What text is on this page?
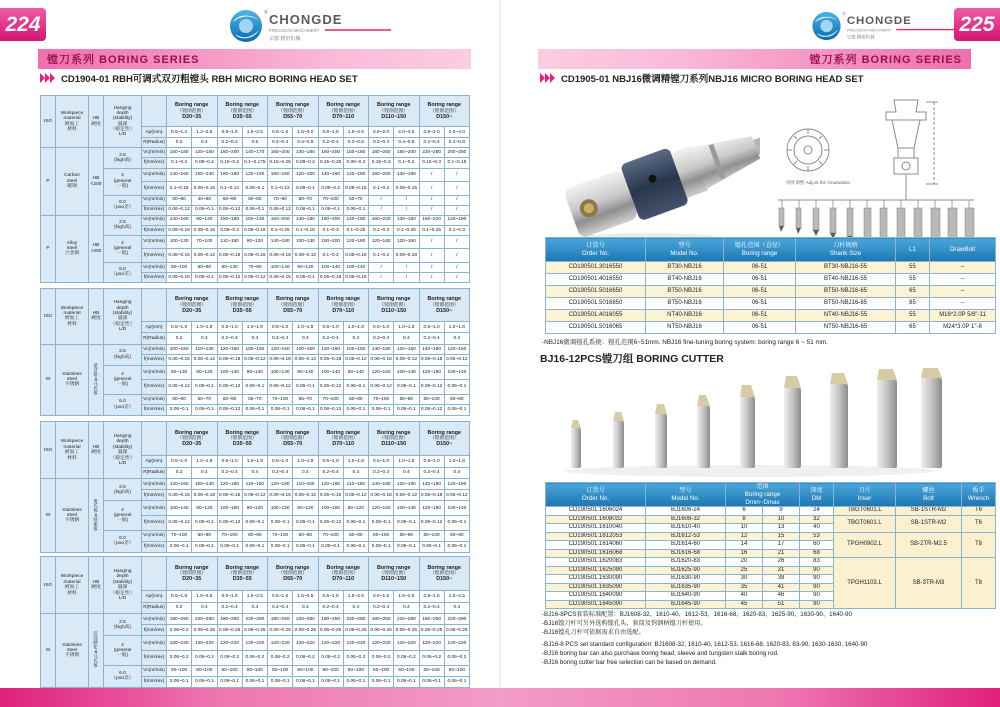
224	® CHONGDE
PRECISION MACHINERY
宗德 精密机械
镗刀系列 BORING SERIES
CD1904-01 RBH可调式双刃粗镗头 RBH MICRO BORING HEAD SET
ISO	Workpiece
material
被加工
材料	HB
硬度	Hanging
depth
(stability)
悬深
（稳定性）
L/D		Boring range
（镗削范围）
D20~35	Boring range
（镗削范围）
D35~55	Boring range
（镗削范围）
D55~70	Boring range
（镗削范围）
D70~110	Boring range
（镗削范围）
D110~150	Boring range
（镗削范围）
D150~
				Ap(mm)	0.5~1.2	1.2~2.5	0.8~1.5	1.5~2.5	0.8~1.5	1.5~3.0	0.8~1.5	1.5~3.5	0.8~2.0	2.0~3.5	0.8~2.0	2.0~4.0
				R(Radius)	0.2	0.4	0.2~0.4	0.5	0.2~0.4	0.4~0.8	0.2~0.4	0.4~0.8	0.2~0.4	0.4~0.8	0.2~0.4	0.4~0.8
P	Carbon
steel
碳钢	HB
<200	2.5
(high高)	Vc(m/min)	150~180	120~150	160~200	140~170	160~200	140~180	160~200	150~180	180~250	160~200	220~280	200~250
				f(mm/rev)	0.1~0.2	0.08~0.2	0.15~0.2	0.1~0.175	0.15~0.25	0.08~0.2	0.15~0.25	0.08~0.2	0.15~0.3	0.1~0.2	0.15~0.3	0.1~0.15
			4
(general
一般)	Vc(m/min)	140~160	100~140	160~180	120~150	160~180	120~150	140~160	120~150	160~200	140~180	/	/
				f(mm/rev)	0.1~0.18	0.08~0.15	0.1~0.12	0.08~0.1	0.1~0.12	0.08~0.1	0.08~0.2	0.08~0.15	0.1~0.2	0.08~0.15	/	/
			6.0
（poo差）	Vc(m/min)	60~80	40~60	60~90	50~60	70~90	50~70	70~100	50~70	/	/	/	/
				f(mm/rev)	0.06~0.12	0.06~0.1	0.06~0.12	0.06~0.1	0.06~0.12	0.06~0.1	0.06~0.1	0.06~0.1	/	/	/	/
P	Alloy
steel
合金钢	HB
>200	2.5
(high高)	Vc(m/min)	140~160	90~120	150~180	100~130	160~200	140~180	160~200	140~180	160~220	140~180	160~220	140~180
				f(mm/rev)	0.08~0.18	0.08~0.15	0.06~0.2	0.06~0.18	0.1~0.25	0.1~0.15	0.1~0.3	0.1~0.25	0.1~0.3	0.1~0.25	0.1~0.25	0.1~0.3
			4
(general
一般)	Vc(m/min)	100~130	70~100	110~150	90~120	140~180	100~130	150~200	120~160	120~160	120~160	/	/
				f(mm/rev)	0.08~0.15	0.06~0.12	0.06~0.18	0.08~0.15	0.08~0.18	0.08~0.12	0.1~0.2	0.08~0.18	0.1~0.2	0.06~0.18	/	/
			6.0
（poo差）	Vc(m/min)	80~100	60~90	80~130	70~90	100~140	80~120	100~140	100~140	/	/	/	/
				f(mm/rev)	0.08~0.15	0.05~0.1	0.06~0.12	0.06~0.12	0.06~0.15	0.05~0.1	0.06~0.18	0.08~0.15	/	/	/	/
ISO	Workpiece
material
被加工
材料	HB
硬度	Hanging
depth
(stability)
悬深
（稳定性）
L/D		Boring range
（镗削范围）
D20~35	Boring range
（镗削范围）
D35~55	Boring range
（镗削范围）
D55~70	Boring range
（镗削范围）
D70~110	Boring range
（镗削范围）
D110~150	Boring range
（镗削范围）
D150~
				Ap(mm)	0.5~1.0	1.0~1.8	0.5~1.0	1.0~1.8	0.5~1.0	1.0~1.8	0.5~1.0	1.0~1.8	0.5~1.0	1.0~1.8	0.5~1.0	1.0~1.8
				R(Radius)	0.2	0.4	0.2~0.4	0.4	0.2~0.4	0.4	0.2~0.4	0.4	0.2~0.4	0.4	0.2~0.4	0.4
M	Stainless
steel
不锈钢	低含铬&马氏体	2.5
(high高)	Vc(m/min)	100~150	110~130	120~160	100~150	120~160	100~150	120~160	100~150	140~180	120~160	140~180	120~160
				f(mm/rev)	0.06~0.15	0.06~0.12	0.06~0.18	0.06~0.12	0.08~0.18	0.06~0.12	0.06~0.18	0.06~0.12	0.06~0.18	0.06~0.12	0.06~0.18	0.06~0.12
			4
(general
一般)	Vc(m/min)	90~130	80~120	100~140	90~140	100~140	90~140	100~140	90~140	120~160	100~140	120~160	100~140
				f(mm/rev)	0.06~0.12	0.06~0.1	0.06~0.12	0.06~0.1	0.06~0.12	0.06~0.1	0.06~0.12	0.06~0.1	0.06~0.12	0.06~0.1	0.06~0.12	0.06~0.1
			6.0
（poo差）	Vc(m/min)	60~90	50~70	60~90	55~70	70~100	55~70	70~100	60~80	70~100	60~80	80~100	60~80
				f(mm/rev)	0.06~0.1	0.06~0.1	0.06~0.12	0.06~0.1	0.06~0.1	0.06~0.1	0.06~0.12	0.06~0.1	0.06~0.1	0.06~0.1	0.06~0.12	0.06~0.1
ISO	Workpiece
material
被加工
材料	HB
硬度	Hanging
depth
(stability)
悬深
（稳定性）
L/D		Boring range
（镗削范围）
D20~35	Boring range
（镗削范围）
D35~55	Boring range
（镗削范围）
D55~70	Boring range
（镗削范围）
D70~110	Boring range
（镗削范围）
D110~150	Boring range
（镗削范围）
D150~
				Ap(mm)	0.5~1.0	1.0~1.8	0.5~1.0	1.0~1.8	0.5~1.0	1.0~1.8	0.5~1.0	1.0~1.8	0.5~1.0	1.0~1.8	0.5~1.0	1.0~1.8
				R(Radius)	0.2	0.4	0.2~0.4	0.4	0.2~0.4	0.4	0.2~0.4	0.4	0.2~0.4	0.4	0.2~0.4	0.4
M	Stainless
steel
不锈钢	奥氏体&铁素体	2.5
(high高)	Vc(m/min)	120~160	100~140	120~180	110~150	120~180	110~150	120~180	110~150	140~180	120~160	140~180	120~160
				f(mm/rev)	0.06~0.15	0.06~0.18	0.06~0.15	0.06~0.12	0.06~0.15	0.06~0.12	0.06~0.15	0.06~0.12	0.06~0.18	0.06~0.12	0.06~0.18	0.06~0.12
			4
(general
一般)	Vc(m/min)	100~140	80~120	100~150	80~120	100~150	80~120	100~150	80~120	120~160	100~140	120~160	100~140
				f(mm/rev)	0.06~0.12	0.06~0.1	0.06~0.12	0.06~0.1	0.06~0.1	0.06~0.1	0.06~0.12	0.06~0.1	0.06~0.1	0.06~0.1	0.06~0.12	0.06~0.1
			6.0
（poo差）	Vc(m/min)	70~100	60~80	70~100	60~90	70~100	60~90	70~100	60~90	80~100	60~90	80~100	60~90
				f(mm/rev)	0.06~0.1	0.06~0.1	0.06~0.1	0.06~0.1	0.06~0.1	0.06~0.1	0.06~0.1	0.06~0.1	0.06~0.1	0.06~0.1	0.06~0.1	0.06~0.1
ISO	Workpiece
material
被加工
材料	HB
硬度	Hanging
depth
(stability)
悬深
（稳定性）
L/D		Boring range
（镗削范围）
D20~35	Boring range
（镗削范围）
D35~55	Boring range
（镗削范围）
D55~70	Boring range
（镗削范围）
D70~110	Boring range
（镗削范围）
D110~150	Boring range
（镗削范围）
D150~
				Ap(mm)	0.5~1.5	1.5~2.5	0.5~1.5	1.5~2.5	0.5~1.5	1.5~2.5	0.5~1.5	1.5~2.5	0.5~1.5	1.5~2.5	0.5~1.5	1.5~2.5
				R(Radius)	0.2	0.4	0.2~0.4	0.4	0.2~0.4	0.4	0.2~0.4	0.4	0.2~0.4	0.4	0.2~0.4	0.4
M	Stainless
steel
不锈钢	沉淀硬化&马氏体	2.5
(high高)	Vc(m/min)	180~250	220~280	180~250	220~280	180~250	220~280	180~250	220~280	180~250	220~280	180~250	220~280
				f(mm/rev)	0.06~0.2	0.06~0.25	0.06~0.25	0.06~0.25	0.06~0.25	0.06~0.25	0.06~0.25	0.06~0.25	0.06~0.25	0.06~0.25	0.06~0.25	0.06~0.25
			4
(general
一般)	Vc(m/min)	120~220	120~220	120~220	120~220	120~220	120~220	120~220	120~220	120~220	120~220	120~220	120~220
				f(mm/rev)	0.06~0.2	0.06~0.2	0.06~0.2	0.06~0.2	0.06~0.2	0.06~0.2	0.06~0.2	0.06~0.2	0.06~0.2	0.06~0.2	0.06~0.2	0.06~0.2
			6.0
（poo差）	Vc(m/min)	60~100	60~100	60~100	60~100	60~100	60~100	60~100	60~100	60~100	60~100	60~100	60~100
				f(mm/rev)	0.06~0.1	0.06~0.1	0.06~0.1	0.06~0.1	0.06~0.1	0.06~0.1	0.06~0.1	0.06~0.1	0.06~0.1	0.06~0.1	0.06~0.1	0.06~0.1
225
®
CHONGDE
PRECISION MACHINERY
宗德 精密机械
镗刀系列 BORING SERIES
CD1905-01 NBJ16微调精镗刀系列NBJ16 MICRO BORING HEAD SET
刻度调整 Adjust the Graduation
订货号
Order No.	型号
Model No.	镗孔范围（直径）
Boring range	刀杆规格
Shank Size	L1	DrawBolt
CD190501.3016550	BT30-NBJ16	06-51	BT30-NBJ16-55	55	–
CD190501.4016550	BT40-NBJ16	06-51	BT40-NBJ16-55	55	–
CD190501.5016650	BT50-NBJ16	06-51	BT50-NBJ16-65	65	–
CD190501.5016850	BT50-NBJ16	06-51	BT50-NBJ16-85	85	–
CD190501.4016055	NT40-NBJ16	06-51	NT40-NBJ16-55	55	M16*2.0P 5/8"-11
CD190501.5016065	NT50-NBJ16	06-51	NT50-NBJ16-65	65	M24*3.0P 1"-8
-NBJ16微调镗孔系统：镗孔范围6~51mm. NBJ16 fine-tuning boring system: boring range 6 ~ 51 mm.
BJ16-12PCS镗刀组 BORING CUTTER
订货号
Order No.	型号
Model No.	范围
Boring range
Dmin~Dmax		深度
DM	刀片
Inser	螺丝
Bolt	板手
Wrench
CD190501.1606024	BJ1606-24	6	9	24	TBGT0601.L	SB-1STR-M2	T6
CD190501.1608032	BJ1608-32	8	10	32	TBGT0601.L	SB-1STR-M2	T6
CD190501.1610040	BJ1610-40	10	13	40			
CD190501.1612053	BJ1612-53	12	15	53	TPGH0902.L	SB-2TR-M2.5	T8
CD190501.1614060	BJ1614-60	14	17	60			
CD190501.1616068	BJ1616-68	16	21	68			
CD190501.1620083	BJ1620-83	20	26	83	TPGH1103.L	SB-3TR-M3	T8
CD190501.1625090	BJ1625-90	25	31	90			
CD190501.1630090	BJ1630-90	30	38	90			
CD190501.1635090	BJ1635-90	35	41	90			
CD190501.1640090	BJ1640-90	40	46	90			
CD190501.1645090	BJ1645-90	45	51	90			
-BJ16-8PCS套装标准配置：BJ1608-32、1610-40、1612-53、1616-68、1620-83、1625-90、1630-90、1640-90
-BJ16镗刀杆可另外选购镗孔头、套筒及钨钢柄镗刀杆使用。
-BJ16镗孔刀杆可依据需求自由选配。
-BJ16-8 PCS set standard configuration: BJ1608-32, 1610-40, 1612-53, 1616-68, 1620-83, 83-90, 1630-1630, 1640-90
-BJ16 boring bar can also purchase boring head, sleeve and tungsten stalk boring rod.
-BJ16 boring cutter bar free selection can be based on demand.
